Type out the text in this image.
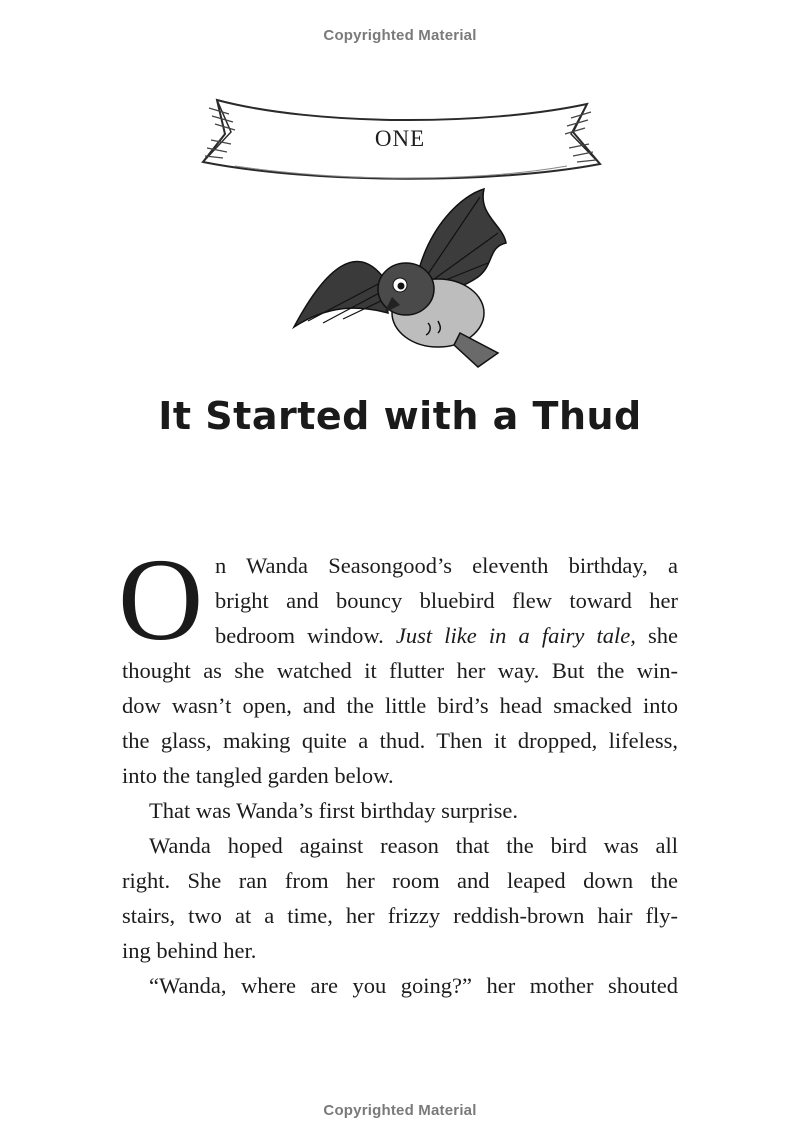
Copyrighted Material
ONE
It Started with a Thud
O n Wanda Seasongood’s eleventh birthday, a
bright and bouncy bluebird flew toward her
bedroom window. Just like in a fairy tale, she
thought as she watched it flutter her way. But the win-
dow wasn’t open, and the little bird’s head smacked into
the glass, making quite a thud. Then it dropped, lifeless,
into the tangled garden below.
That was Wanda’s first birthday surprise.
Wanda hoped against reason that the bird was all
right. She ran from her room and leaped down the
stairs, two at a time, her frizzy reddish-brown hair fly-
ing behind her.
“Wanda, where are you going?” her mother shouted
Copyrighted Material
